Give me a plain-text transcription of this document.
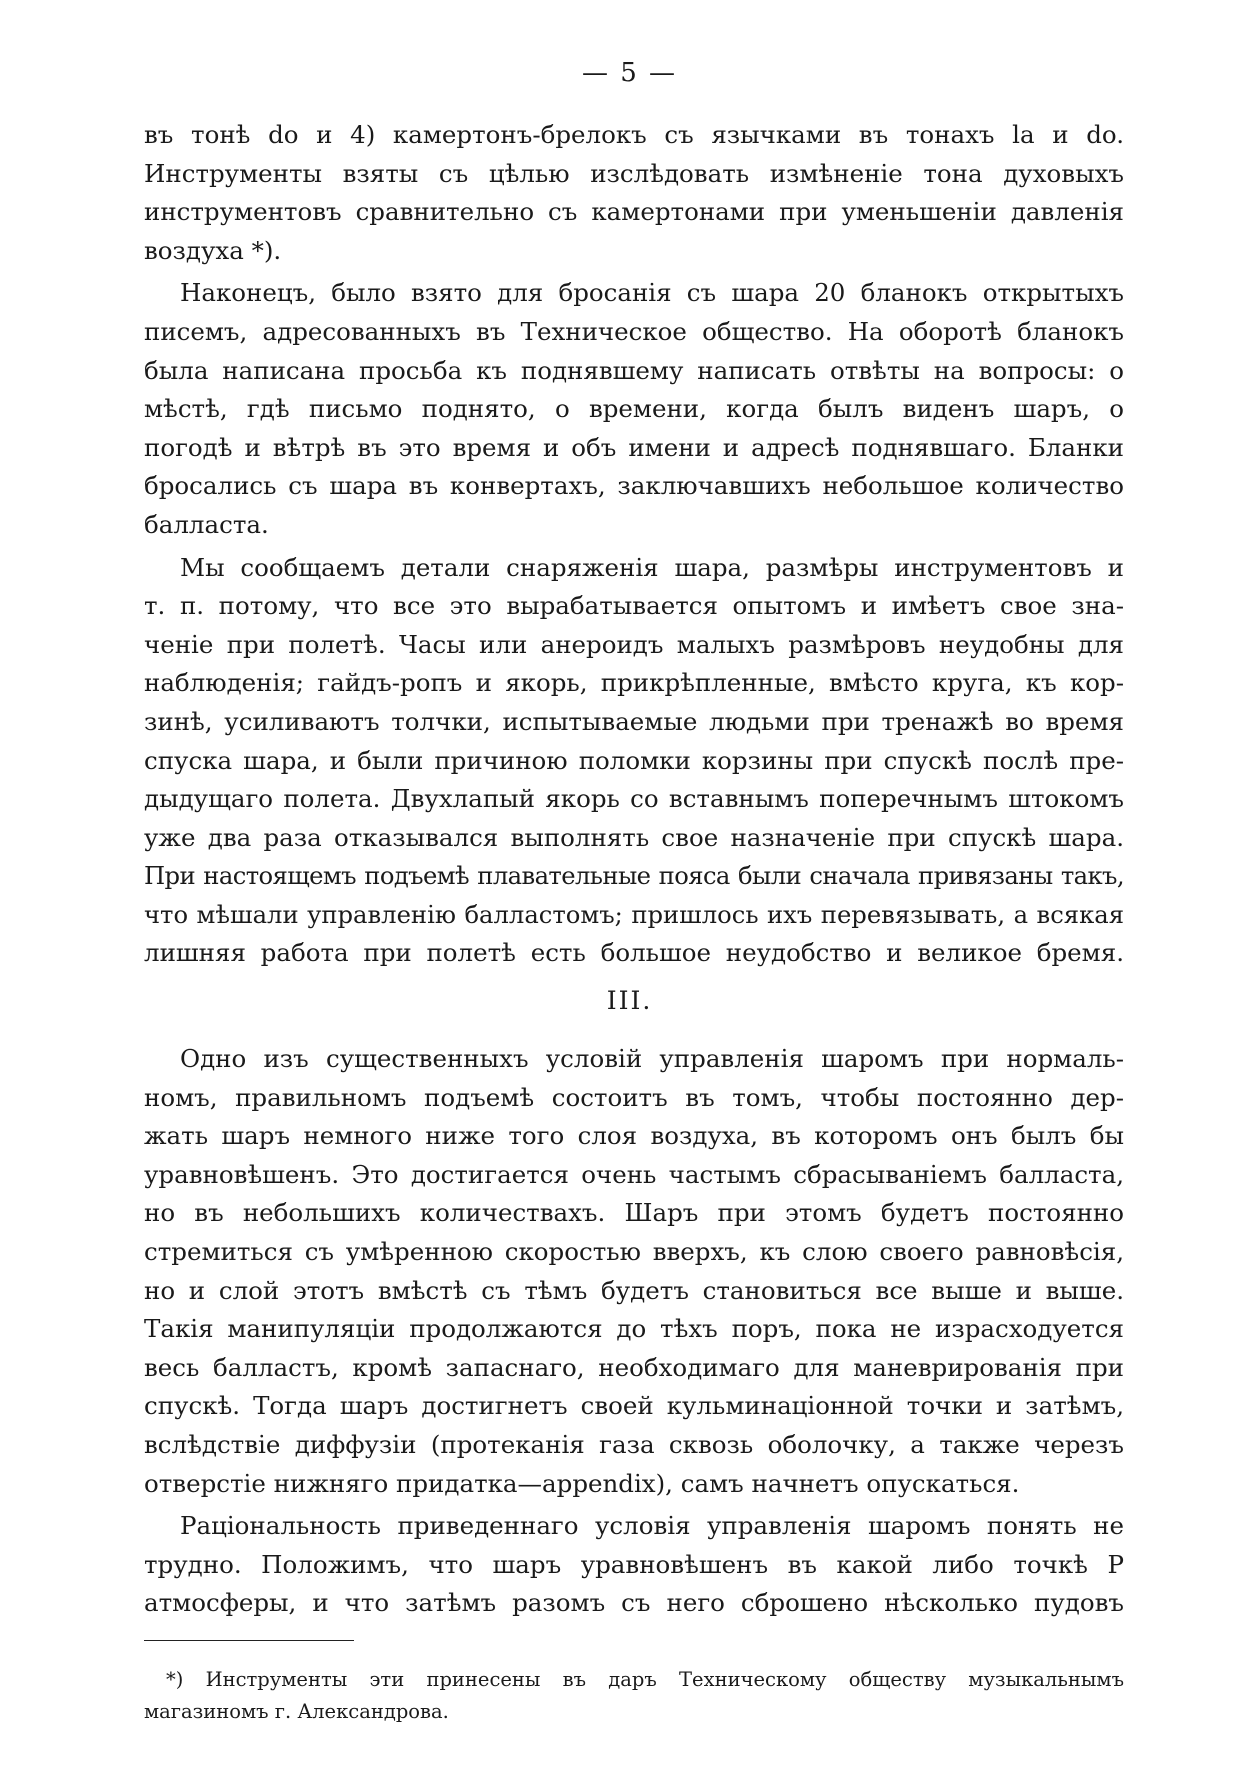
— 5 —
въ тонѣ do и 4) камертонъ-брелокъ съ язычками въ тонахъ la и do.
Инструменты взяты съ цѣлью изслѣдовать измѣненіе тона духовыхъ
инструментовъ сравнительно съ камертонами при уменьшеніи давленія
воздуха *).
Наконецъ, было взято для бросанія съ шара 20 бланокъ открытыхъ
писемъ, адресованныхъ въ Техническое общество. На оборотѣ бланокъ
была написана просьба къ поднявшему написать отвѣты на вопросы: о
мѣстѣ, гдѣ письмо поднято, о времени, когда былъ виденъ шаръ, о
погодѣ и вѣтрѣ въ это время и объ имени и адресѣ поднявшаго. Бланки
бросались съ шара въ конвертахъ, заключавшихъ небольшое количество
балласта.
Мы сообщаемъ детали снаряженія шара, размѣры инструментовъ и
т. п. потому, что все это вырабатывается опытомъ и имѣетъ свое зна-
ченіе при полетѣ. Часы или анероидъ малыхъ размѣровъ неудобны для
наблюденія; гайдъ-ропъ и якорь, прикрѣпленные, вмѣсто круга, къ кор-
зинѣ, усиливаютъ толчки, испытываемые людьми при тренажѣ во время
спуска шара, и были причиною поломки корзины при спускѣ послѣ пре-
дыдущаго полета. Двухлапый якорь со вставнымъ поперечнымъ штокомъ
уже два раза отказывался выполнять свое назначеніе при спускѣ шара.
При настоящемъ подъемѣ плавательные пояса были сначала привязаны такъ,
что мѣшали управленію балластомъ; пришлось ихъ перевязывать, а всякая
лишняя работа при полетѣ есть большое неудобство и великое бремя.
III.
Одно изъ существенныхъ условій управленія шаромъ при нормаль-
номъ, правильномъ подъемѣ состоитъ въ томъ, чтобы постоянно дер-
жать шаръ немного ниже того слоя воздуха, въ которомъ онъ былъ бы
уравновѣшенъ. Это достигается очень частымъ сбрасываніемъ балласта,
но въ небольшихъ количествахъ. Шаръ при этомъ будетъ постоянно
стремиться съ умѣренною скоростью вверхъ, къ слою своего равновѣсія,
но и слой этотъ вмѣстѣ съ тѣмъ будетъ становиться все выше и выше.
Такія манипуляціи продолжаются до тѣхъ поръ, пока не израсходуется
весь балластъ, кромѣ запаснаго, необходимаго для маневрированія при
спускѣ. Тогда шаръ достигнетъ своей кульминаціонной точки и затѣмъ,
вслѣдствіе диффузіи (протеканія газа сквозь оболочку, а также черезъ
отверстіе нижняго придатка—appendix), самъ начнетъ опускаться.
Раціональность приведеннаго условія управленія шаромъ понять не
трудно. Положимъ, что шаръ уравновѣшенъ въ какой либо точкѣ P
атмосферы, и что затѣмъ разомъ съ него сброшено нѣсколько пудовъ
*) Инструменты эти принесены въ даръ Техническому обществу музыкальнымъ
магазиномъ г. Александрова.
